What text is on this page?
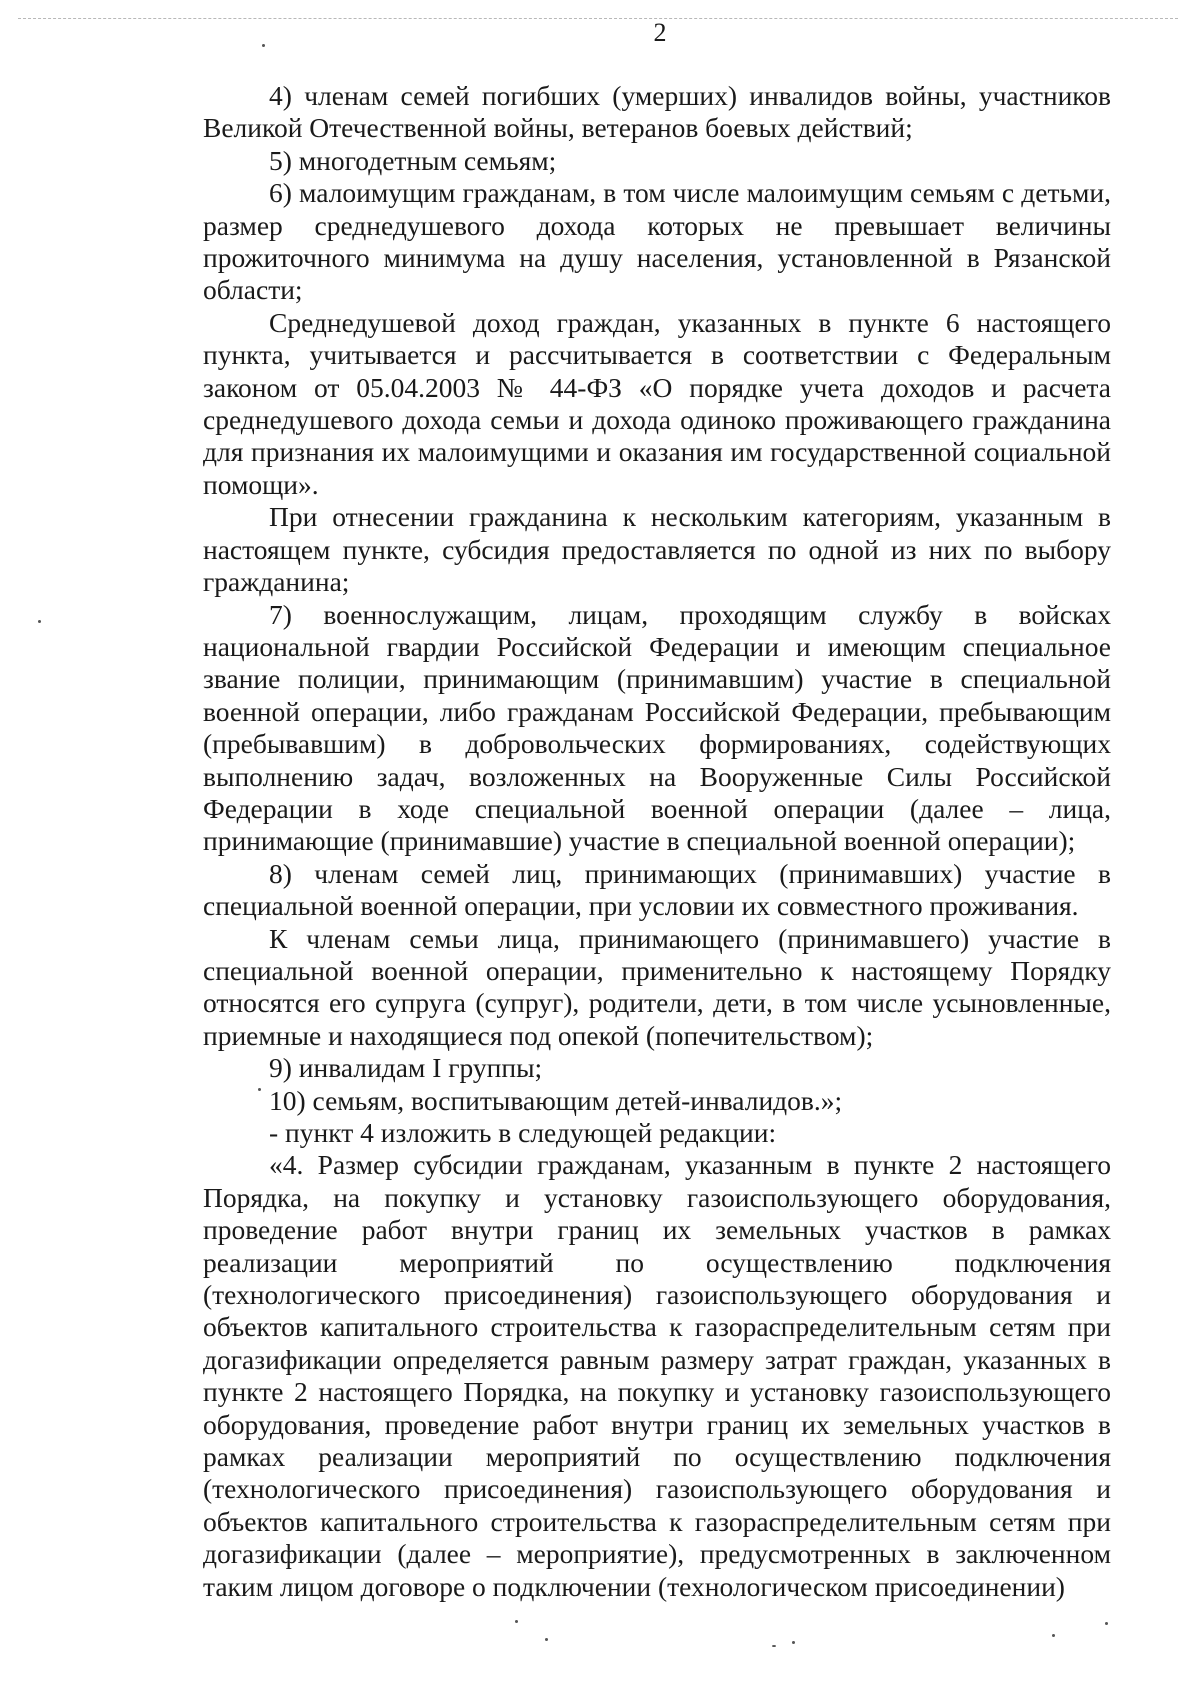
2

4) членам семей погибших (умерших) инвалидов войны, участников Великой Отечественной войны, ветеранов боевых действий;

5) многодетным семьям;

6) малоимущим гражданам, в том числе малоимущим семьям с детьми, размер среднедушевого дохода которых не превышает величины прожиточного минимума на душу населения, установленной в Рязанской области;

Среднедушевой доход граждан, указанных в пункте 6 настоящего пункта, учитывается и рассчитывается в соответствии с Федеральным законом от 05.04.2003 № 44-ФЗ «О порядке учета доходов и расчета среднедушевого дохода семьи и дохода одиноко проживающего гражданина для признания их малоимущими и оказания им государственной социальной помощи».

При отнесении гражданина к нескольким категориям, указанным в настоящем пункте, субсидия предоставляется по одной из них по выбору гражданина;

7) военнослужащим, лицам, проходящим службу в войсках национальной гвардии Российской Федерации и имеющим специальное звание полиции, принимающим (принимавшим) участие в специальной военной операции, либо гражданам Российской Федерации, пребывающим (пребывавшим) в добровольческих формированиях, содействующих выполнению задач, возложенных на Вооруженные Силы Российской Федерации в ходе специальной военной операции (далее – лица, принимающие (принимавшие) участие в специальной военной операции);

8) членам семей лиц, принимающих (принимавших) участие в специальной военной операции, при условии их совместного проживания.

К членам семьи лица, принимающего (принимавшего) участие в специальной военной операции, применительно к настоящему Порядку относятся его супруга (супруг), родители, дети, в том числе усыновленные, приемные и находящиеся под опекой (попечительством);

9) инвалидам I группы;

10) семьям, воспитывающим детей-инвалидов.»;

- пункт 4 изложить в следующей редакции:

«4. Размер субсидии гражданам, указанным в пункте 2 настоящего Порядка, на покупку и установку газоиспользующего оборудования, проведение работ внутри границ их земельных участков в рамках реализации мероприятий по осуществлению подключения (технологического присоединения) газоиспользующего оборудования и объектов капитального строительства к газораспределительным сетям при догазификации определяется равным размеру затрат граждан, указанных в пункте 2 настоящего Порядка, на покупку и установку газоиспользующего оборудования, проведение работ внутри границ их земельных участков в рамках реализации мероприятий по осуществлению подключения (технологического присоединения) газоиспользующего оборудования и объектов капитального строительства к газораспределительным сетям при догазификации (далее – мероприятие), предусмотренных в заключенном таким лицом договоре о подключении (технологическом присоединении)
